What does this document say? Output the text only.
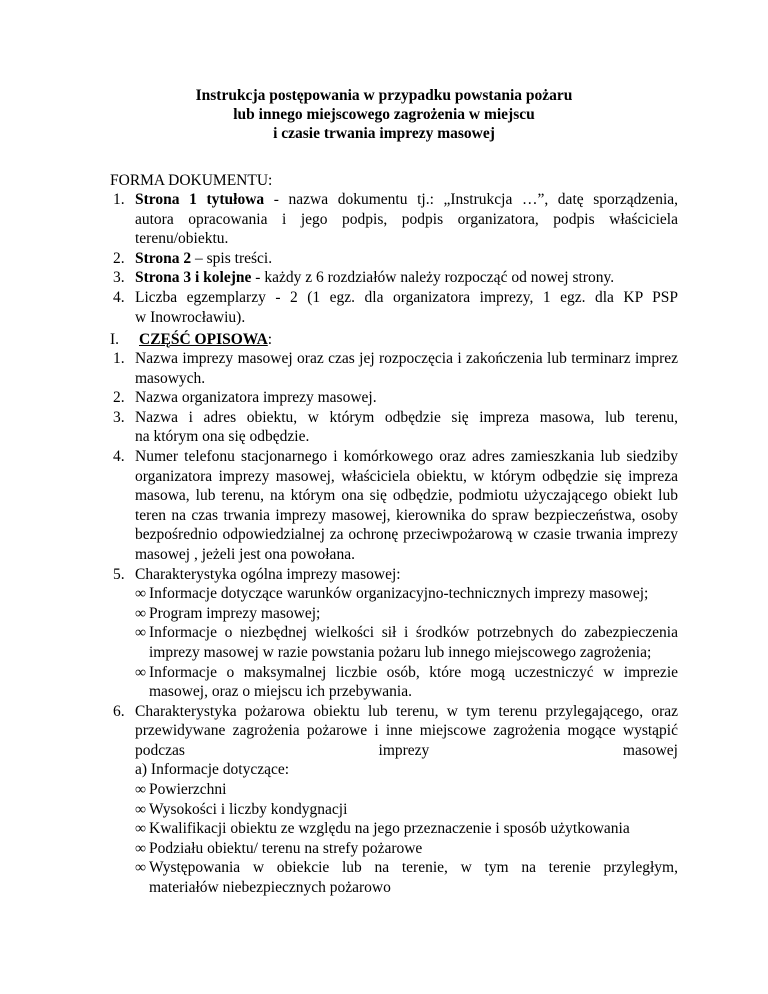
Instrukcja postępowania w przypadku powstania pożaru
lub innego miejscowego zagrożenia w miejscu
i czasie trwania imprezy masowej
FORMA DOKUMENTU:
1. Strona 1 tytułowa - nazwa dokumentu tj.: „Instrukcja …”, datę sporządzenia,
autora opracowania i jego podpis, podpis organizatora, podpis właściciela
terenu/obiektu.
2. Strona 2 – spis treści.
3. Strona 3 i kolejne - każdy z 6 rozdziałów należy rozpocząć od nowej strony.
4. Liczba egzemplarzy - 2 (1 egz. dla organizatora imprezy, 1 egz. dla KP PSP
w Inowrocławiu).
I. CZĘŚĆ OPISOWA:
1. Nazwa imprezy masowej oraz czas jej rozpoczęcia i zakończenia lub terminarz imprez
masowych.
2. Nazwa organizatora imprezy masowej.
3. Nazwa i adres obiektu, w którym odbędzie się impreza masowa, lub terenu,
na którym ona się odbędzie.
4. Numer telefonu stacjonarnego i komórkowego oraz adres zamieszkania lub siedziby
organizatora imprezy masowej, właściciela obiektu, w którym odbędzie się impreza
masowa, lub terenu, na którym ona się odbędzie, podmiotu użyczającego obiekt lub
teren na czas trwania imprezy masowej, kierownika do spraw bezpieczeństwa, osoby
bezpośrednio odpowiedzialnej za ochronę przeciwpożarową w czasie trwania imprezy
masowej , jeżeli jest ona powołana.
5. Charakterystyka ogólna imprezy masowej:
∞ Informacje dotyczące warunków organizacyjno-technicznych imprezy masowej;
∞ Program imprezy masowej;
∞ Informacje o niezbędnej wielkości sił i środków potrzebnych do zabezpieczenia
imprezy masowej w razie powstania pożaru lub innego miejscowego zagrożenia;
∞ Informacje o maksymalnej liczbie osób, które mogą uczestniczyć w imprezie
masowej, oraz o miejscu ich przebywania.
6. Charakterystyka pożarowa obiektu lub terenu, w tym terenu przylegającego, oraz
przewidywane zagrożenia pożarowe i inne miejscowe zagrożenia mogące wystąpić
podczas imprezy masowej
a) Informacje dotyczące:
∞ Powierzchni
∞ Wysokości i liczby kondygnacji
∞ Kwalifikacji obiektu ze względu na jego przeznaczenie i sposób użytkowania
∞ Podziału obiektu/ terenu na strefy pożarowe
∞ Występowania w obiekcie lub na terenie, w tym na terenie przyległym,
materiałów niebezpiecznych pożarowo
